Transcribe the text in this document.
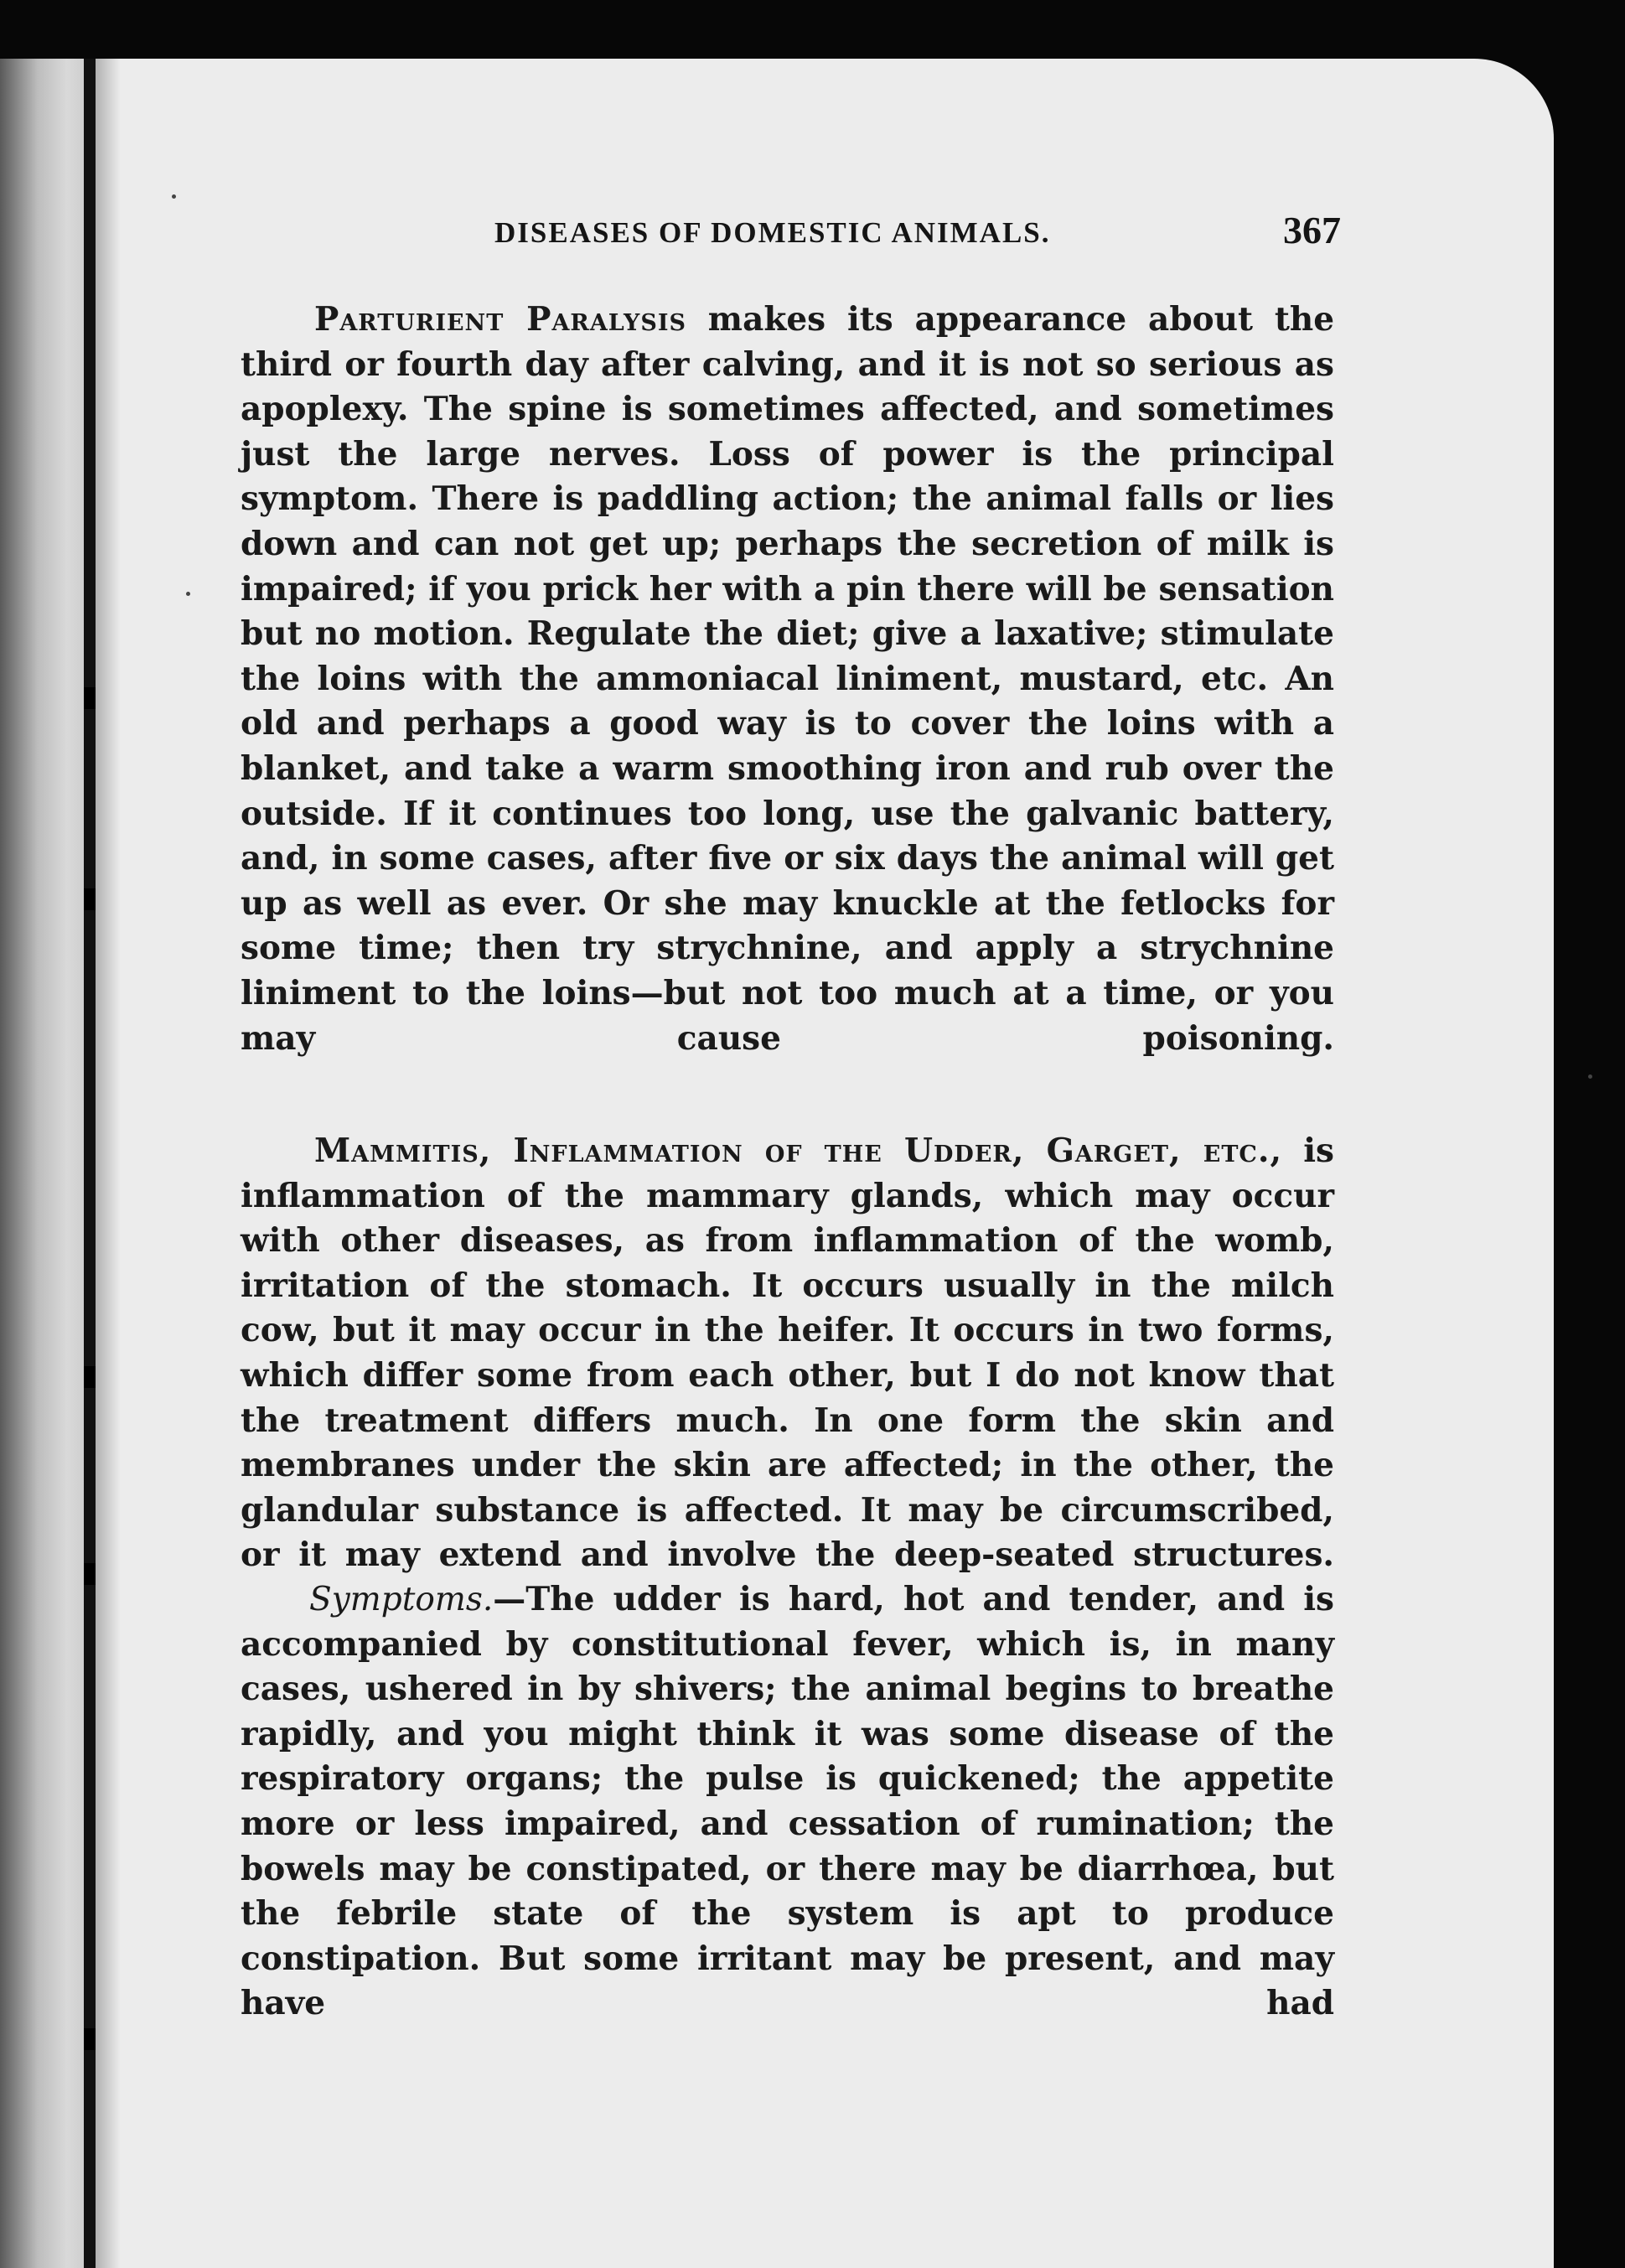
DISEASES OF DOMESTIC ANIMALS.	367

Parturient Paralysis makes its appearance about the third or fourth day after calving, and it is not so serious as apoplexy. The spine is sometimes affected, and sometimes just the large nerves. Loss of power is the principal symptom. There is paddling action; the animal falls or lies down and can not get up; perhaps the secretion of milk is impaired; if you prick her with a pin there will be sensation but no motion. Regulate the diet; give a laxative; stimulate the loins with the ammoniacal liniment, mustard, etc. An old and perhaps a good way is to cover the loins with a blanket, and take a warm smoothing iron and rub over the outside. If it continues too long, use the galvanic battery, and, in some cases, after five or six days the animal will get up as well as ever. Or she may knuckle at the fetlocks for some time; then try strychnine, and apply a strychnine liniment to the loins—but not too much at a time, or you may cause poisoning.

Mammitis, Inflammation of the Udder, Garget, etc., is inflammation of the mammary glands, which may occur with other diseases, as from inflammation of the womb, irritation of the stomach. It occurs usually in the milch cow, but it may occur in the heifer. It occurs in two forms, which differ some from each other, but I do not know that the treatment differs much. In one form the skin and membranes under the skin are affected; in the other, the glandular substance is affected. It may be circumscribed, or it may extend and involve the deep-seated structures.

Symptoms.—The udder is hard, hot and tender, and is accompanied by constitutional fever, which is, in many cases, ushered in by shivers; the animal begins to breathe rapidly, and you might think it was some disease of the respiratory organs; the pulse is quickened; the appetite more or less impaired, and cessation of rumination; the bowels may be constipated, or there may be diarrhœa, but the febrile state of the system is apt to produce constipation. But some irritant may be present, and may have had
